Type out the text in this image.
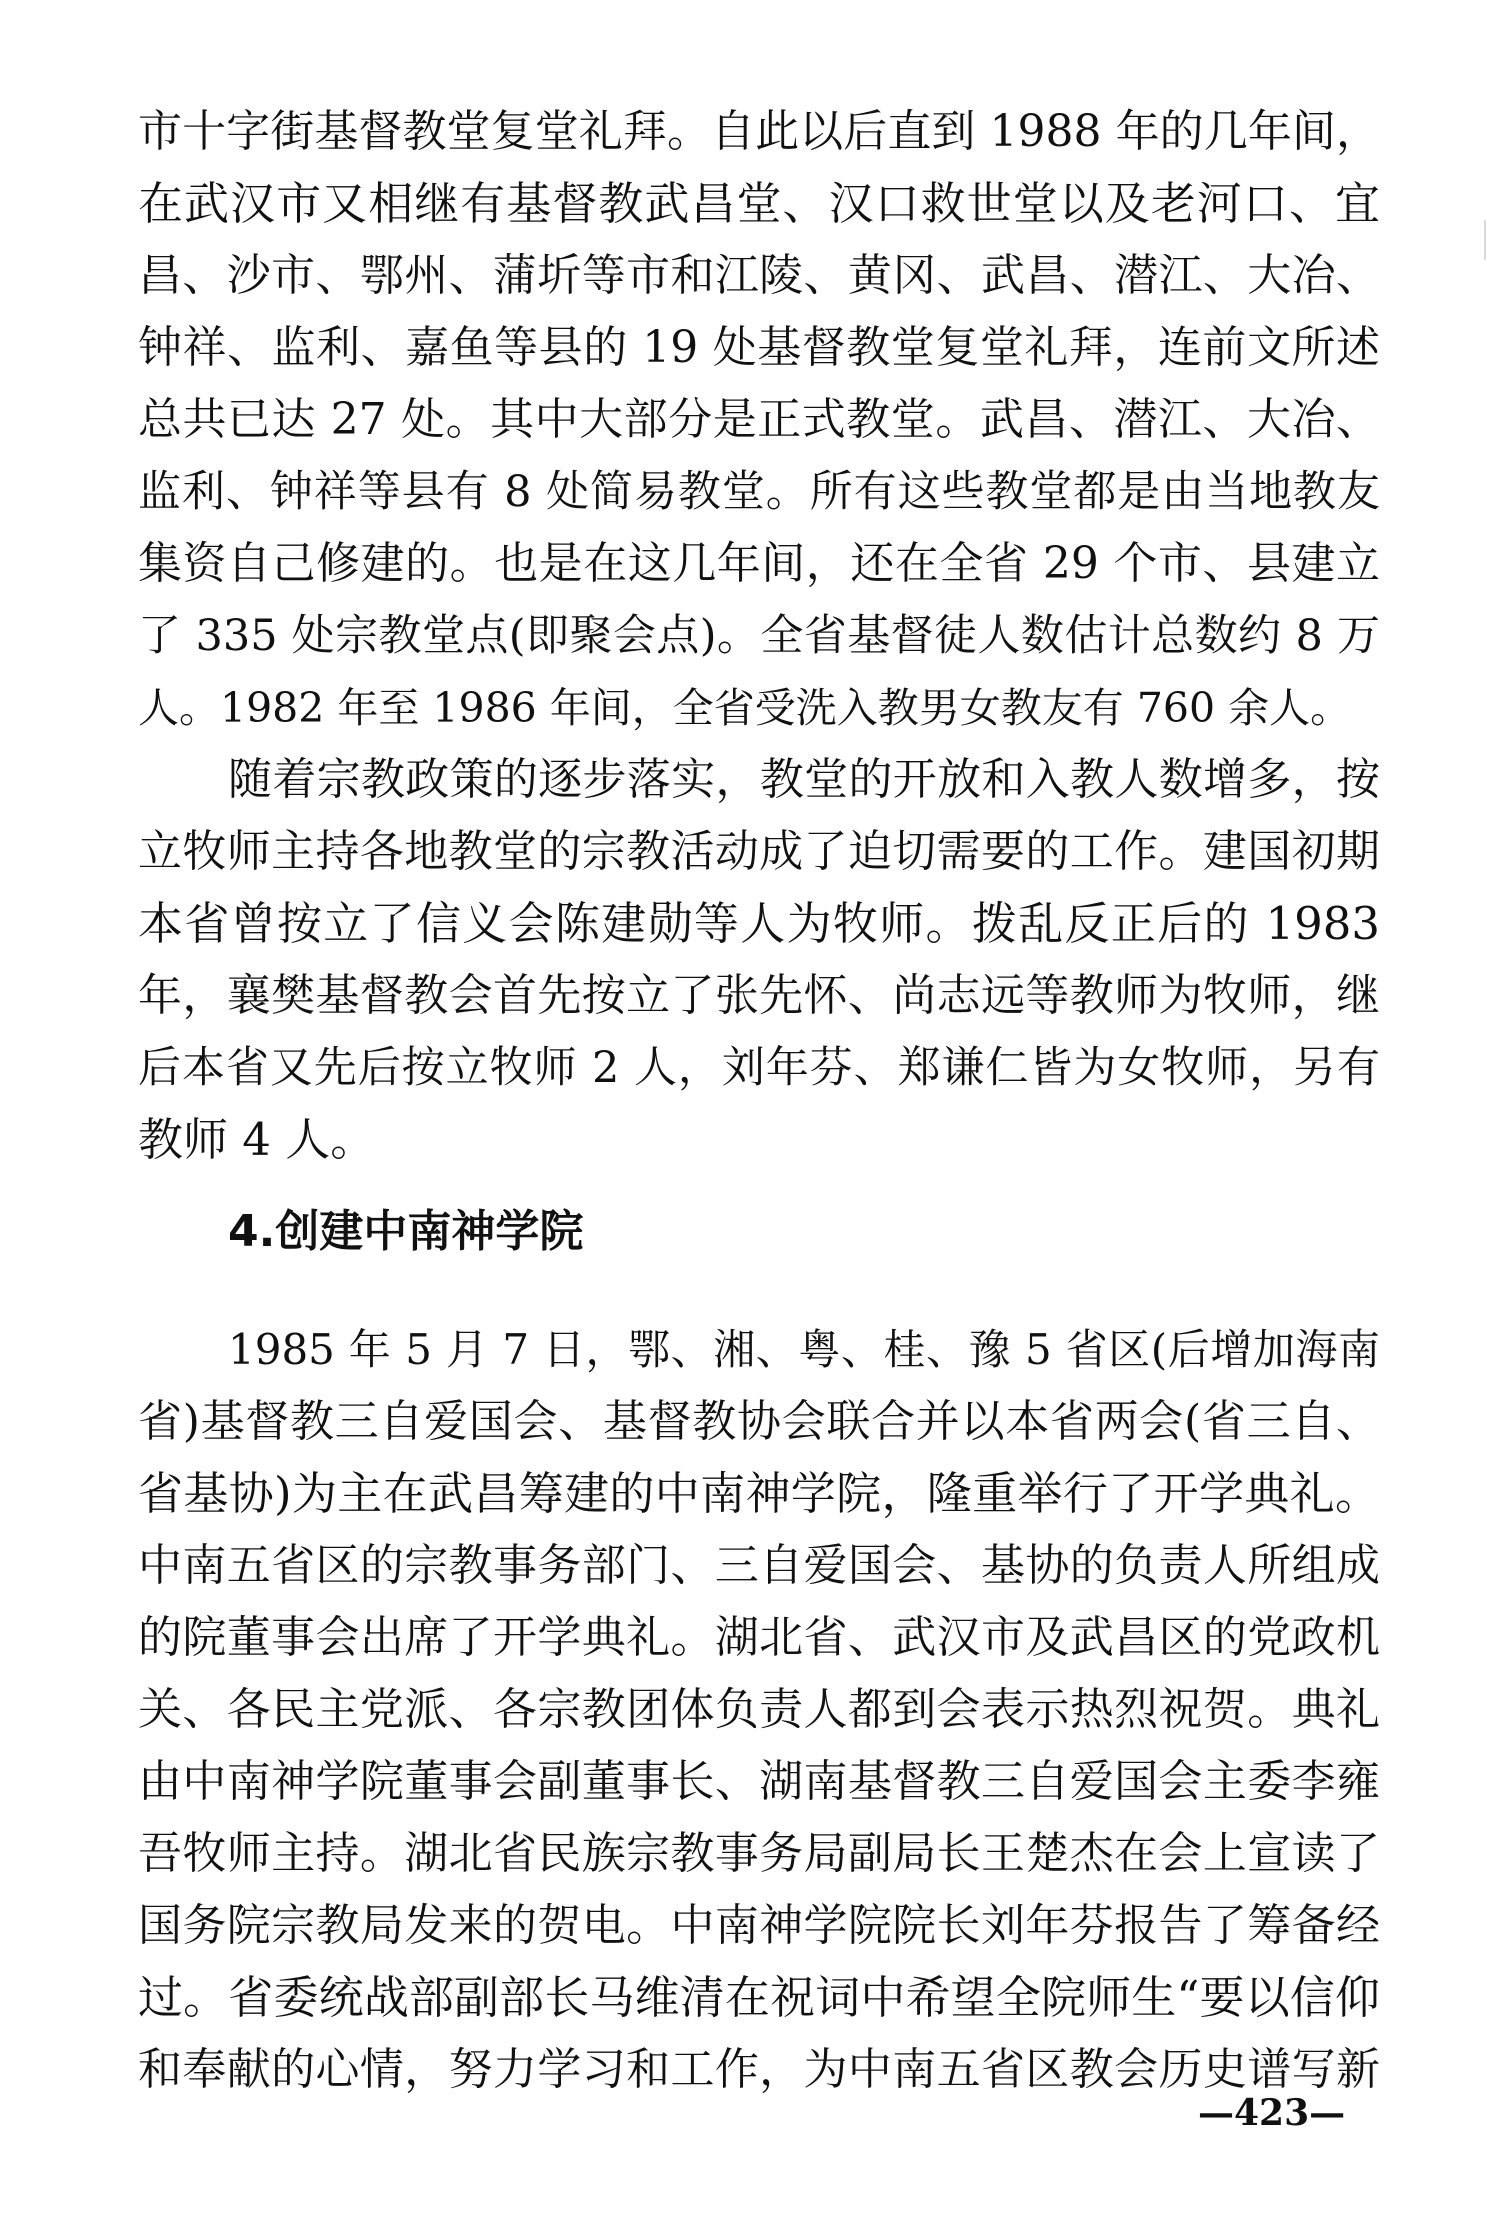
市十字街基督教堂复堂礼拜。自此以后直到 1988 年的几年间，
在武汉市又相继有基督教武昌堂、汉口救世堂以及老河口、宜
昌、沙市、鄂州、蒲圻等市和江陵、黄冈、武昌、潜江、大冶、
钟祥、监利、嘉鱼等县的 19 处基督教堂复堂礼拜，连前文所述
总共已达 27 处。其中大部分是正式教堂。武昌、潜江、大冶、
监利、钟祥等县有 8 处简易教堂。所有这些教堂都是由当地教友
集资自己修建的。也是在这几年间，还在全省 29 个市、县建立
了 335 处宗教堂点(即聚会点)。全省基督徒人数估计总数约 8 万
人。1982 年至 1986 年间，全省受洗入教男女教友有 760 余人。
随着宗教政策的逐步落实，教堂的开放和入教人数增多，按
立牧师主持各地教堂的宗教活动成了迫切需要的工作。建国初期
本省曾按立了信义会陈建勋等人为牧师。拨乱反正后的 1983
年，襄樊基督教会首先按立了张先怀、尚志远等教师为牧师，继
后本省又先后按立牧师 2 人，刘年芬、郑谦仁皆为女牧师，另有
教师 4 人。
4.创建中南神学院
1985 年 5 月 7 日，鄂、湘、粤、桂、豫 5 省区(后增加海南
省)基督教三自爱国会、基督教协会联合并以本省两会(省三自、
省基协)为主在武昌筹建的中南神学院，隆重举行了开学典礼。
中南五省区的宗教事务部门、三自爱国会、基协的负责人所组成
的院董事会出席了开学典礼。湖北省、武汉市及武昌区的党政机
关、各民主党派、各宗教团体负责人都到会表示热烈祝贺。典礼
由中南神学院董事会副董事长、湖南基督教三自爱国会主委李雍
吾牧师主持。湖北省民族宗教事务局副局长王楚杰在会上宣读了
国务院宗教局发来的贺电。中南神学院院长刘年芬报告了筹备经
过。省委统战部副部长马维清在祝词中希望全院师生“要以信仰
和奉献的心情，努力学习和工作，为中南五省区教会历史谱写新
—423—
